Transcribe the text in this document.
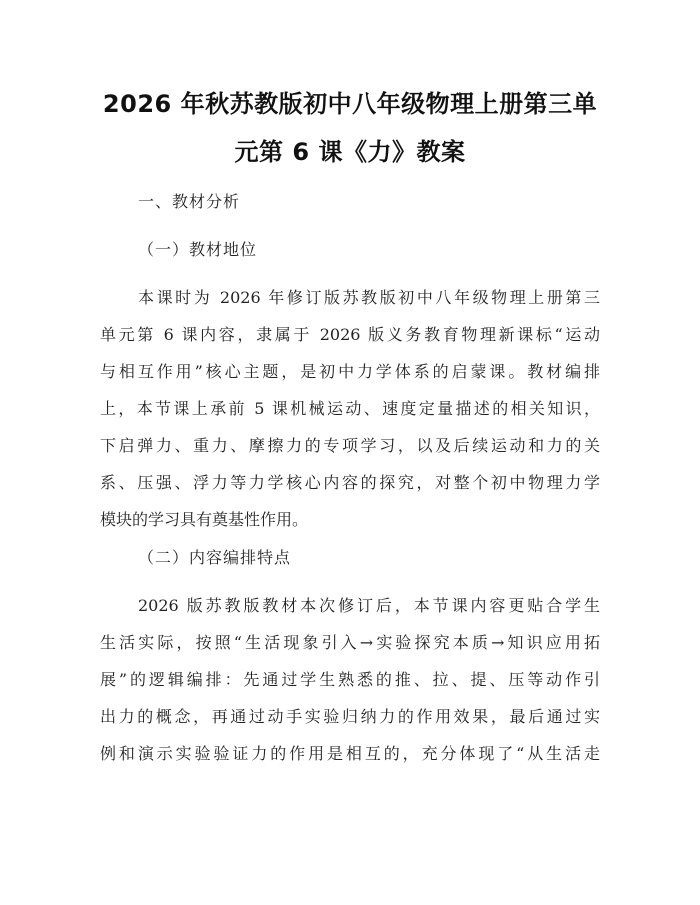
2026 年秋苏教版初中八年级物理上册第三单
元第 6 课《力》教案
一、教材分析
（一）教材地位
本课时为 2026 年修订版苏教版初中八年级物理上册第三
单元第 6 课内容，隶属于 2026 版义务教育物理新课标“运动
与相互作用”核心主题，是初中力学体系的启蒙课。教材编排
上，本节课上承前 5 课机械运动、速度定量描述的相关知识，
下启弹力、重力、摩擦力的专项学习，以及后续运动和力的关
系、压强、浮力等力学核心内容的探究，对整个初中物理力学
模块的学习具有奠基性作用。
（二）内容编排特点
2026 版苏教版教材本次修订后，本节课内容更贴合学生
生活实际，按照“生活现象引入→实验探究本质→知识应用拓
展”的逻辑编排：先通过学生熟悉的推、拉、提、压等动作引
出力的概念，再通过动手实验归纳力的作用效果，最后通过实
例和演示实验验证力的作用是相互的，充分体现了“从生活走
